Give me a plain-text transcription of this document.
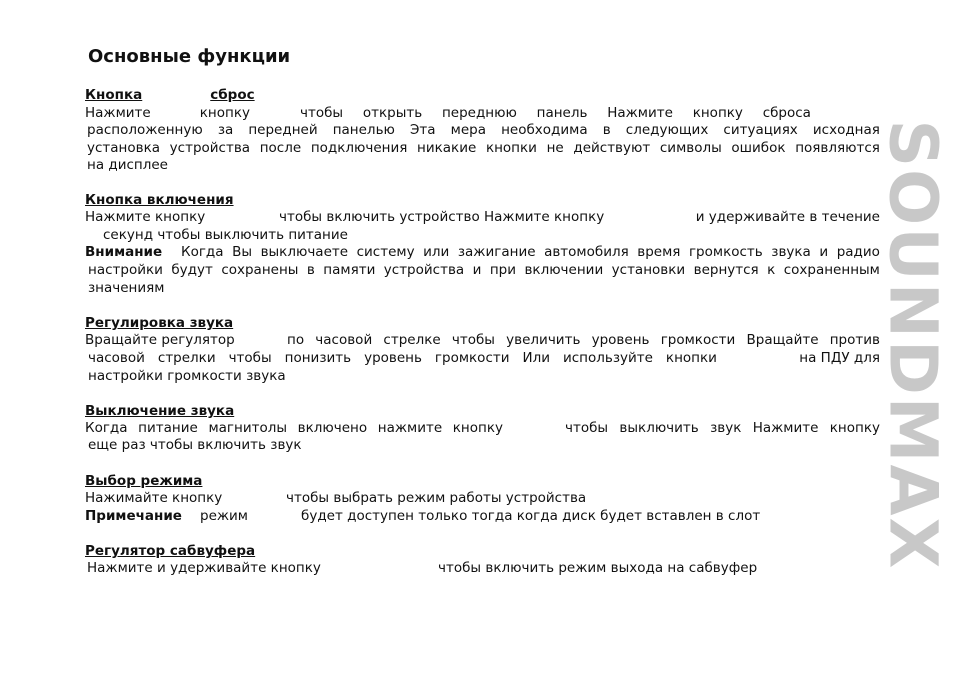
Основные функции
SOUNDMAX
Кнопка	сброс
Нажмите	кнопку	чтобы открыть переднюю панель Нажмите кнопку сброса
расположенную за передней панелью Эта мера необходима в следующих ситуациях исходная
установка устройства после подключения никакие кнопки не действуют символы ошибок появляются
на дисплее
Кнопка включения
Нажмите кнопку	чтобы включить устройство Нажмите кнопку	и удерживайте в течение
секунд чтобы выключить питание
Внимание Когда Вы выключаете систему или зажигание автомобиля время громкость звука и радио
настройки будут сохранены в памяти устройства и при включении установки вернутся к сохраненным
значениям
Регулировка звука
Вращайте регулятор	по часовой стрелке чтобы увеличить уровень громкости Вращайте против
часовой стрелки чтобы понизить уровень громкости Или используйте кнопки	на ПДУ для
настройки громкости звука
Выключение звука
Когда питание магнитолы включено нажмите кнопку	чтобы выключить звук Нажмите кнопку
еще раз чтобы включить звук
Выбор режима
Нажимайте кнопку	чтобы выбрать режим работы устройства
Примечание режим	будет доступен только тогда когда диск будет вставлен в слот
Регулятор сабвуфера
Нажмите и удерживайте кнопку	чтобы включить режим выхода на сабвуфер
